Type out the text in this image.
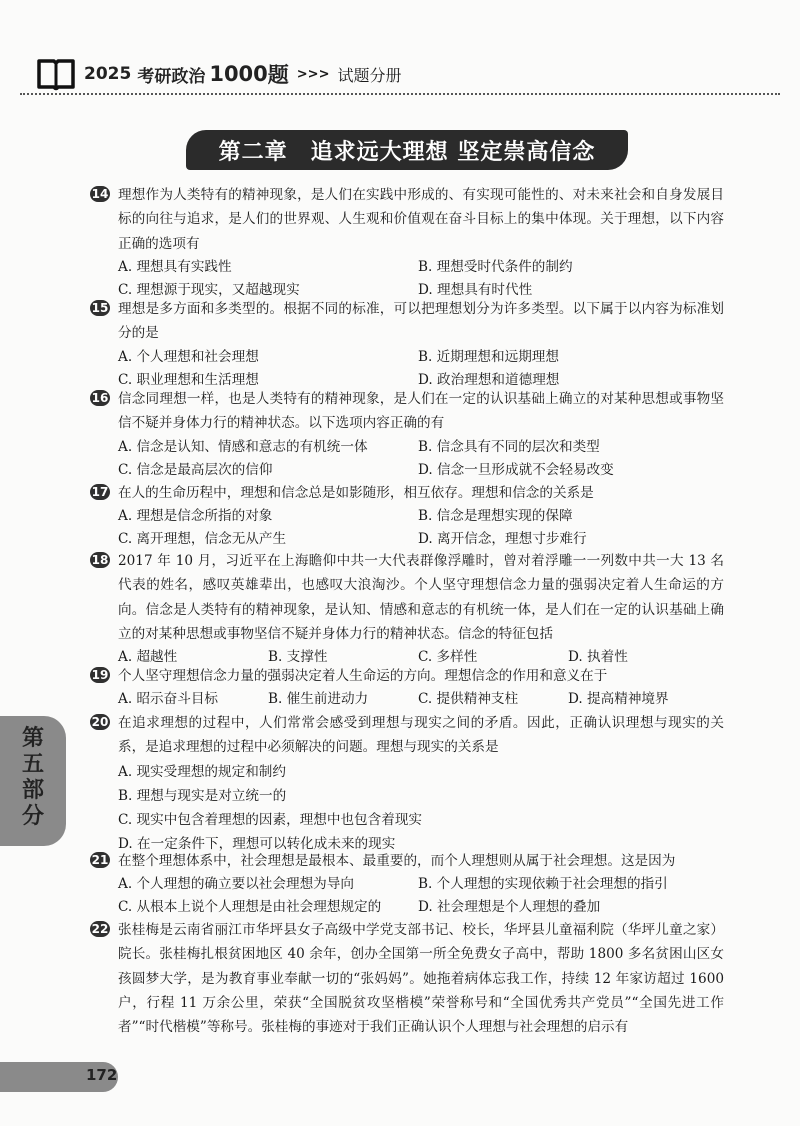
2025 考研政治 1000 题 >>> 试题分册
第二章　追求远大理想 坚定崇高信念
14 理想作为人类特有的精神现象，是人们在实践中形成的、有实现可能性的、对未来社会和自身发展目标的向往与追求，是人们的世界观、人生观和价值观在奋斗目标上的集中体现。关于理想，以下内容正确的选项有
A. 理想具有实践性	B. 理想受时代条件的制约
C. 理想源于现实，又超越现实	D. 理想具有时代性
15 理想是多方面和多类型的。根据不同的标准，可以把理想划分为许多类型。以下属于以内容为标准划分的是
A. 个人理想和社会理想	B. 近期理想和远期理想
C. 职业理想和生活理想	D. 政治理想和道德理想
16 信念同理想一样，也是人类特有的精神现象，是人们在一定的认识基础上确立的对某种思想或事物坚信不疑并身体力行的精神状态。以下选项内容正确的有
A. 信念是认知、情感和意志的有机统一体	B. 信念具有不同的层次和类型
C. 信念是最高层次的信仰	D. 信念一旦形成就不会轻易改变
17 在人的生命历程中，理想和信念总是如影随形，相互依存。理想和信念的关系是
A. 理想是信念所指的对象	B. 信念是理想实现的保障
C. 离开理想，信念无从产生	D. 离开信念，理想寸步难行
18 2017 年 10 月，习近平在上海瞻仰中共一大代表群像浮雕时，曾对着浮雕一一列数中共一大 13 名代表的姓名，感叹英雄辈出，也感叹大浪淘沙。个人坚守理想信念力量的强弱决定着人生命运的方向。信念是人类特有的精神现象，是认知、情感和意志的有机统一体，是人们在一定的认识基础上确立的对某种思想或事物坚信不疑并身体力行的精神状态。信念的特征包括
A. 超越性	B. 支撑性	C. 多样性	D. 执着性
19 个人坚守理想信念力量的强弱决定着人生命运的方向。理想信念的作用和意义在于
A. 昭示奋斗目标	B. 催生前进动力	C. 提供精神支柱	D. 提高精神境界
20 在追求理想的过程中，人们常常会感受到理想与现实之间的矛盾。因此，正确认识理想与现实的关系，是追求理想的过程中必须解决的问题。理想与现实的关系是
A. 现实受理想的规定和制约
B. 理想与现实是对立统一的
C. 现实中包含着理想的因素，理想中也包含着现实
D. 在一定条件下，理想可以转化成未来的现实
21 在整个理想体系中，社会理想是最根本、最重要的，而个人理想则从属于社会理想。这是因为
A. 个人理想的确立要以社会理想为导向	B. 个人理想的实现依赖于社会理想的指引
C. 从根本上说个人理想是由社会理想规定的	D. 社会理想是个人理想的叠加
22 张桂梅是云南省丽江市华坪县女子高级中学党支部书记、校长，华坪县儿童福利院（华坪儿童之家）院长。张桂梅扎根贫困地区 40 余年，创办全国第一所全免费女子高中，帮助 1800 多名贫困山区女孩圆梦大学，是为教育事业奉献一切的“张妈妈”。她拖着病体忘我工作，持续 12 年家访超过 1600 户，行程 11 万余公里，荣获“全国脱贫攻坚楷模”荣誉称号和“全国优秀共产党员”“全国先进工作者”“时代楷模”等称号。张桂梅的事迹对于我们正确认识个人理想与社会理想的启示有
第
五
部
分
172
